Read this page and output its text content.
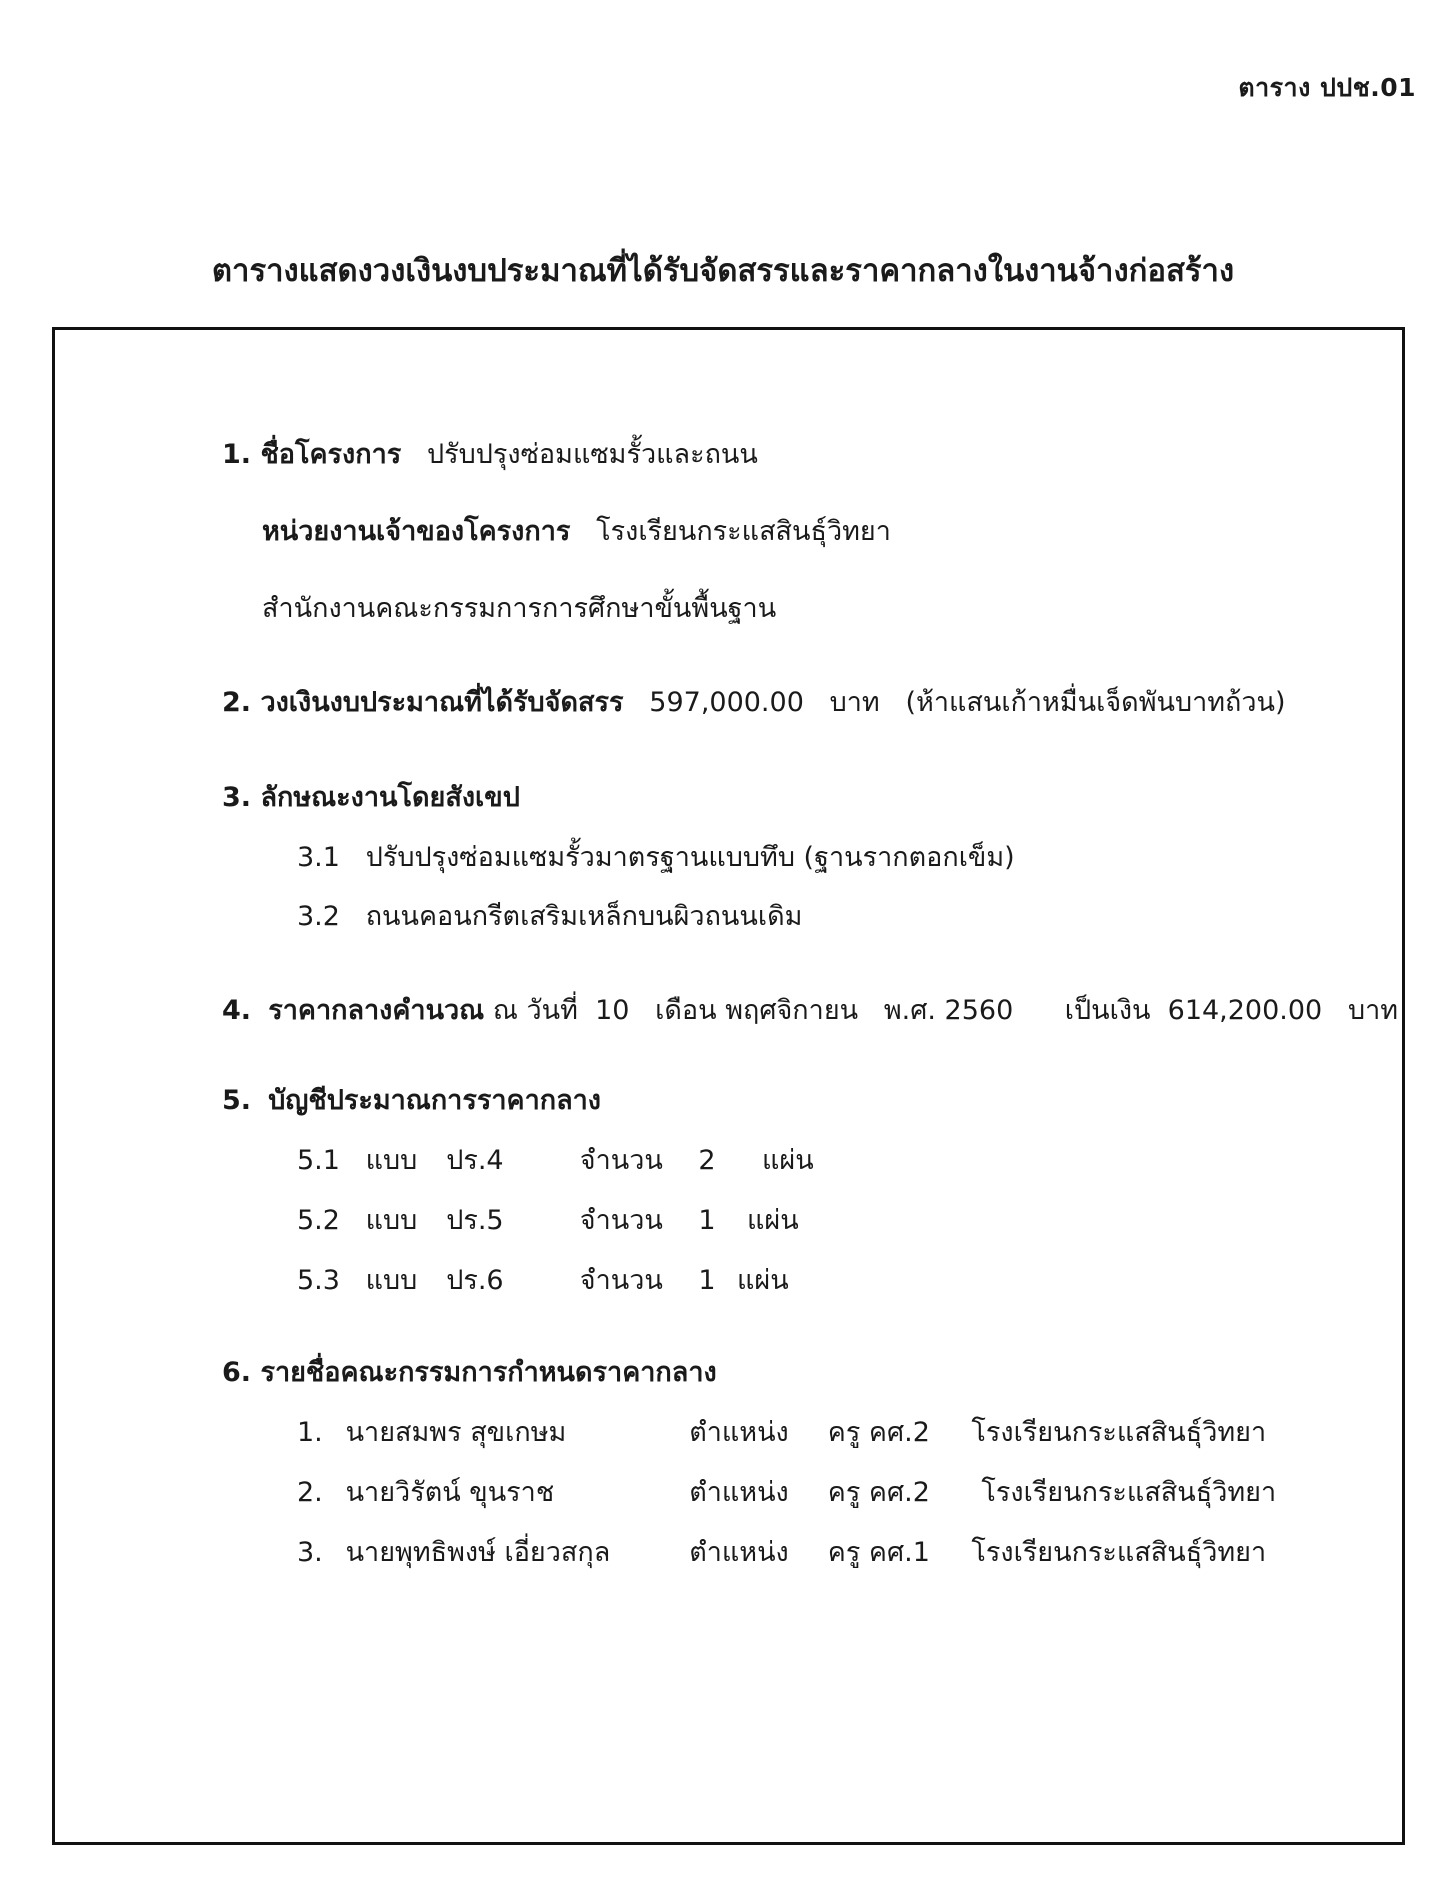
ตาราง ปปช.01
ตารางแสดงวงเงินงบประมาณที่ได้รับจัดสรรและราคากลางในงานจ้างก่อสร้าง
1. ชื่อโครงการ ปรับปรุงซ่อมแซมรั้วและถนน
หน่วยงานเจ้าของโครงการ โรงเรียนกระแสสินธุ์วิทยา
สำนักงานคณะกรรมการการศึกษาขั้นพื้นฐาน
2. วงเงินงบประมาณที่ได้รับจัดสรร 597,000.00 บาท (ห้าแสนเก้าหมื่นเจ็ดพันบาทถ้วน)
3. ลักษณะงานโดยสังเขป
3.1 ปรับปรุงซ่อมแซมรั้วมาตรฐานแบบทึบ (ฐานรากตอกเข็ม)
3.2 ถนนคอนกรีตเสริมเหล็กบนผิวถนนเดิม
4. ราคากลางคำนวณ ณ วันที่ 10 เดือน พฤศจิกายน พ.ศ. 2560 เป็นเงิน 614,200.00 บาท
5. บัญชีประมาณการราคากลาง
5.1 แบบ ปร.4	จำนวน 2 แผ่น
5.2 แบบ ปร.5	จำนวน 1 แผ่น
5.3 แบบ ปร.6	จำนวน 1 แผ่น
6. รายชื่อคณะกรรมการกำหนดราคากลาง
1. นายสมพร สุขเกษม	ตำแหน่ง ครู คศ.2 โรงเรียนกระแสสินธุ์วิทยา
2. นายวิรัตน์ ขุนราช	ตำแหน่ง ครู คศ.2 โรงเรียนกระแสสินธุ์วิทยา
3. นายพุทธิพงษ์ เอี่ยวสกุล	ตำแหน่ง ครู คศ.1 โรงเรียนกระแสสินธุ์วิทยา
